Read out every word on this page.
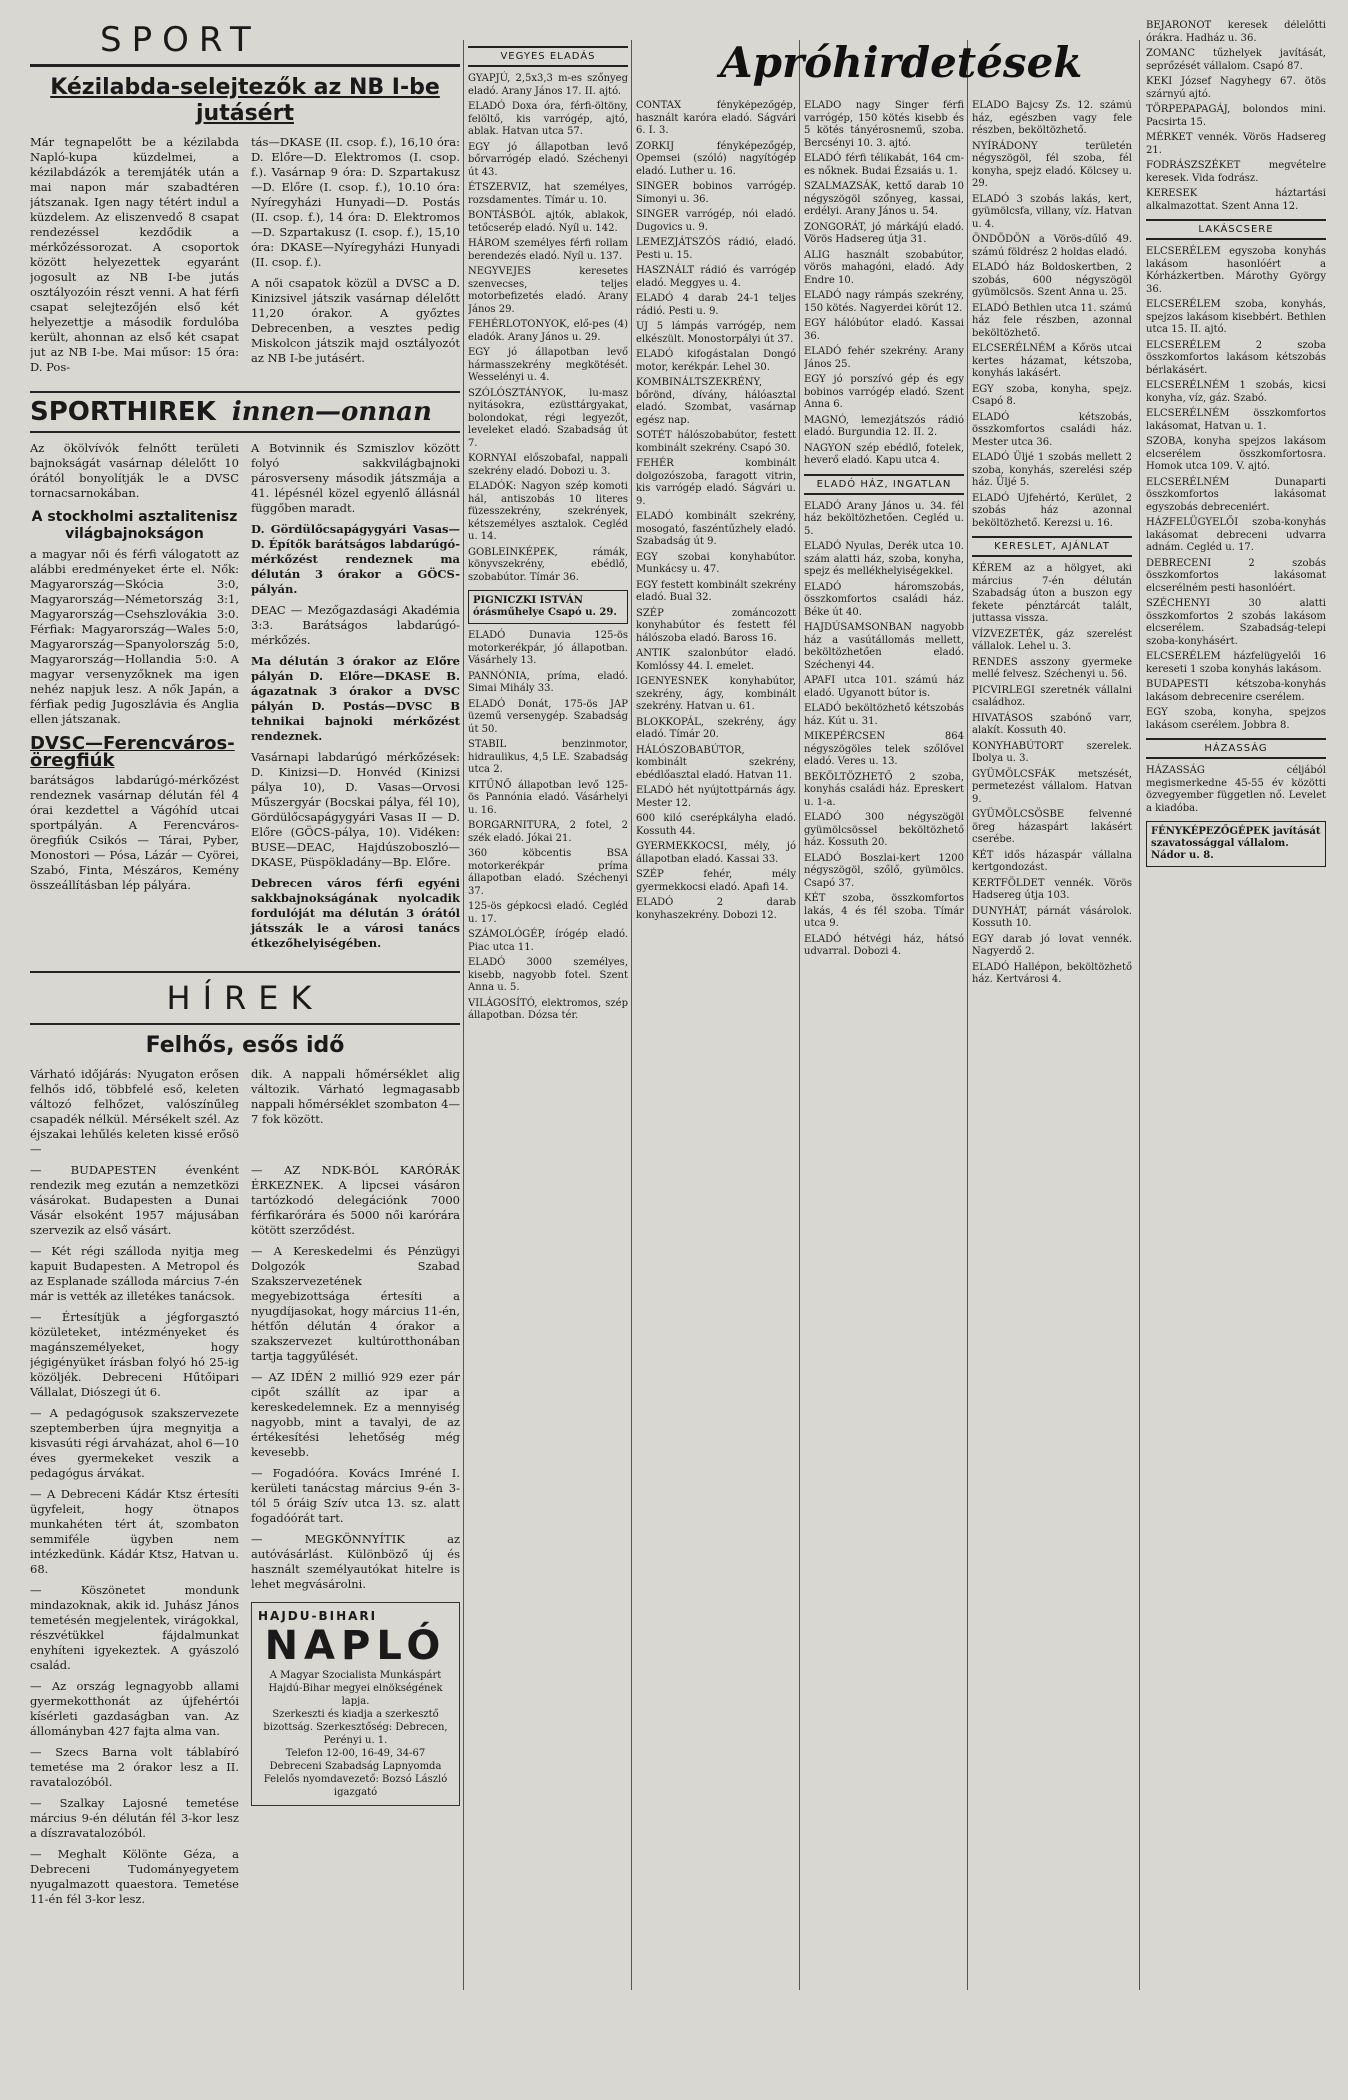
SPORT
Kézilabda-selejtezők az NB I-be jutásért

Már tegnapelőtt be a kézilabda Napló-kupa küzdelmei, a kézilabdázók a teremjáték után a mai napon már szabadtéren játszanak. Igen nagy tétért indul a küzdelem. Az eliszenvedő 8 csapat rendezéssel kezdődik a mérkőzéssorozat. A csoportok között helyezettek egyaránt jogosult az NB I-be jutás osztályozóin részt venni. A hat férfi csapat selejtezőjén első két helyezettje a második fordulóba került, ahonnan az első két csapat jut az NB I-be. Mai műsor: 15 óra: D. Pos-

tás—DKASE (II. csop. f.), 16,10 óra: D. Előre—D. Elektromos (I. csop. f.). Vasárnap 9 óra: D. Szpartakusz—D. Előre (I. csop. f.), 10.10 óra: Nyíregyházi Hunyadi—D. Postás (II. csop. f.), 14 óra: D. Elektromos—D. Szpartakusz (I. csop. f.), 15,10 óra: DKASE—Nyíregyházi Hunyadi (II. csop. f.).

A női csapatok közül a DVSC a D. Kinizsivel játszik vasárnap délelőtt 11,20 órakor. A győztes Debrecenben, a vesztes pedig Miskolcon játszik majd osztályozót az NB I-be jutásért.

SPORTHIREK innen—onnan

Az ökölvívók felnőtt területi bajnokságát vasárnap délelőtt 10 órától bonyolítják le a DVSC tornacsarnokában.

A stockholmi asztalitenisz világbajnokságon

a magyar női és férfi válogatott az alábbi eredményeket érte el. Nők: Magyarország—Skócia 3:0, Magyarország—Németország 3:1, Magyarország—Csehszlovákia 3:0. Férfiak: Magyarország—Wales 5:0, Magyarország—Spanyolország 5:0, Magyarország—Hollandia 5:0. A magyar versenyzőknek ma igen nehéz napjuk lesz. A nők Japán, a férfiak pedig Jugoszlávia és Anglia ellen játszanak.

DVSC—Ferencváros-öregfiúk

barátságos labdarúgó-mérkőzést rendeznek vasárnap délután fél 4 órai kezdettel a Vágóhíd utcai sportpályán. A Ferencváros-öregfiúk Csikós — Tárai, Pyber, Monostori — Pósa, Lázár — Cyörei, Szabó, Finta, Mészáros, Kemény összeállításban lép pályára.

A Botvinnik és Szmiszlov között folyó sakkvilágbajnoki párosverseny második játszmája a 41. lépésnél közel egyenlő állásnál függőben maradt.

D. Gördülőcsapágygyári Vasas—D. Építők barátságos labdarúgó-mérkőzést rendeznek ma délután 3 órakor a GÖCS-pályán.

DEAC — Mezőgazdasági Akadémia 3:3. Barátságos labdarúgó-mérkőzés.

Ma délután 3 órakor az Előre pályán D. Előre—DKASE B. ágazatnak 3 órakor a DVSC pályán D. Postás—DVSC B tehnikai bajnoki mérkőzést rendeznek.

Vasárnapi labdarúgó mérkőzések: D. Kinizsi—D. Honvéd (Kinizsi pálya 10), D. Vasas—Orvosi Műszergyár (Bocskai pálya, fél 10), Gördülőcsapágygyári Vasas II — D. Előre (GÖCS-pálya, 10). Vidéken: BUSE—DEAC, Hajdúszoboszló—DKASE, Püspökladány—Bp. Előre.

Debrecen város férfi egyéni sakkbajnokságának nyolcadik fordulóját ma délután 3 órától játsszák le a városi tanács étkezőhelyiségében.

HÍREK
Felhős, esős idő

Várható időjárás: Nyugaton erősen felhős idő, többfelé eső, keleten változó felhőzet, valószínűleg csapadék nélkül. Mérsékelt szél. Az éjszakai lehűlés keleten kissé erősö—

dik. A nappali hőmérséklet alig változik. Várható legmagasabb nappali hőmérséklet szombaton 4—7 fok között.

— BUDAPESTEN évenként rendezik meg ezután a nemzetközi vásárokat. Budapesten a Dunai Vásár elsoként 1957 májusában szervezik az első vásárt.

— Két régi szálloda nyitja meg kapuit Budapesten. A Metropol és az Esplanade szálloda március 7-én már is vették az illetékes tanácsok.

— Értesítjük a jégforgasztó közületeket, intézményeket és magánszemélyeket, hogy jégigényüket írásban folyó hó 25-ig közöljék. Debreceni Hűtőipari Vállalat, Diószegi út 6.

— A pedagógusok szakszervezete szeptemberben újra megnyitja a kisvasúti régi árvaházat, ahol 6—10 éves gyermekeket veszik a pedagógus árvákat.

— A Debreceni Kádár Ktsz értesíti ügyfeleit, hogy ötnapos munkahéten tért át, szombaton semmiféle ügyben nem intézkedünk. Kádár Ktsz, Hatvan u. 68.

— Köszönetet mondunk mindazoknak, akik id. Juhász János temetésén megjelentek, virágokkal, részvétükkel fájdalmunkat enyhíteni igyekeztek. A gyászoló család.

— Az ország legnagyobb allami gyermekotthonát az újfehértói kísérleti gazdaságban van. Az állományban 427 fajta alma van.

— Szecs Barna volt táblabíró temetése ma 2 órakor lesz a II. ravatalozóból.

— Szalkay Lajosné temetése március 9-én délután fél 3-kor lesz a díszravatalozóból.

— Meghalt Kölönte Géza, a Debreceni Tudományegyetem nyugalmazott quaestora. Temetése 11-én fél 3-kor lesz.

— AZ NDK-BÓL KARÓRÁK ÉRKEZNEK. A lipcsei vásáron tartózkodó delegációnk 7000 férfikarórára és 5000 női karórára kötött szerződést.

— A Kereskedelmi és Pénzügyi Dolgozók Szabad Szakszervezetének megyebizottsága értesíti a nyugdíjasokat, hogy március 11-én, hétfőn délután 4 órakor a szakszervezet kultúrotthonában tartja taggyűlését.

— AZ IDÉN 2 millió 929 ezer pár cipőt szállít az ipar a kereskedelemnek. Ez a mennyiség nagyobb, mint a tavalyi, de az értékesítési lehetőség még kevesebb.

— Fogadóóra. Kovács Imréné I. kerületi tanácstag március 9-én 3-tól 5 óráig Szív utca 13. sz. alatt fogadóórát tart.

— MEGKÖNNYÍTIK az autóvásárlást. Különböző új és használt személyautókat hitelre is lehet megvásárolni.

HAJDU-BIHARI
NAPLÓ
A Magyar Szocialista Munkáspárt Hajdú-Bihar megyei elnökségének lapja.
Szerkeszti és kiadja a szerkesztő bizottság. Szerkesztőség: Debrecen, Perényi u. 1.
Telefon 12-00, 16-49, 34-67
Debreceni Szabadság Lapnyomda
Felelős nyomdavezető: Bozsó László igazgató
Apróhirdetések
VEGYES ELADÁS

GYAPJÚ, 2,5x3,3 m-es szőnyeg eladó. Arany János 17. II. ajtó.

ELADÓ Doxa óra, férfi-öltöny, felöltő, kis varrógép, ajtó, ablak. Hatvan utca 57.

EGY jó állapotban levő bőrvarrógép eladó. Széchenyi út 43.

ÉTSZERVIZ, hat személyes, rozsdamentes. Tímár u. 10.

BONTÁSBÓL ajtók, ablakok, tetőcserép eladó. Nyíl u. 142.

HÁROM személyes férfi rollam berendezés eladó. Nyíl u. 137.

NEGYVEJES keresetes szenvecses, teljes motorbefizetés eladó. Arany János 29.

FEHÉRLOTONYOK, elő-pes (4) eladók. Arany János u. 29.

EGY jó állapotban levő hármasszekrény megkötését. Wesselényi u. 4.

SZÓLÓSZTÁNYOK, lu-masz nyitásokra, ezüsttárgyakat, bolondokat, régi legyezőt, leveleket eladó. Szabadság út 7.

KORNYAI előszobafal, nappali szekrény eladó. Dobozi u. 3.

ELADÓK: Nagyon szép komoti hál, antiszobás 10 literes füzesszekrény, szekrények, kétszemélyes asztalok. Cegléd u. 14.

GOBLEINKÉPEK, rámák, könyvszekrény, ebédlő, szobabútor. Tímár 36.

PIGNICZKI ISTVÁN órásműhelye Csapó u. 29.

ELADÓ Dunavia 125-ös motorkerékpár, jó állapotban. Vásárhely 13.

PANNÓNIA, príma, eladó. Simai Mihály 33.

ELADÓ Donát, 175-ös JAP üzemű versenygép. Szabadság út 50.

STABIL benzinmotor, hidraulikus, 4,5 LE. Szabadság utca 2.

KITŰNŐ állapotban levő 125-ös Pannónia eladó. Vásárhelyi u. 16.

BORGARNITURA, 2 fotel, 2 szék eladó. Jókai 21.

360 köbcentis BSA motorkerékpár príma állapotban eladó. Széchenyi 37.

125-ös gépkocsi eladó. Cegléd u. 17.

SZÁMOLÓGÉP, írógép eladó. Piac utca 11.

ELADÓ 3000 személyes, kisebb, nagyobb fotel. Szent Anna u. 5.

VILÁGOSÍTÓ, elektromos, szép állapotban. Dózsa tér.

CONTAX fényképezőgép, használt karóra eladó. Ságvári 6. I. 3.

ZORKIJ fényképezőgép, Opemsei (szóló) nagyítógép eladó. Luther u. 16.

SINGER bobinos varrógép. Simonyi u. 36.

SINGER varrógép, nói eladó. Dugovics u. 9.

LEMEZJÁTSZÓS rádió, eladó. Pesti u. 15.

HASZNÁLT rádió és varrógép eladó. Meggyes u. 4.

ELADÓ 4 darab 24-1 teljes rádió. Pesti u. 9.

UJ 5 lámpás varrógép, nem elkészült. Monostorpályi út 37.

ELADÓ kifogástalan Dongó motor, kerékpár. Lehel 30.

KOMBINÁLTSZEKRÉNY, bőrönd, dívány, hálóasztal eladó. Szombat, vasárnap egész nap.

SOTÉT hálószobabútor, festett kombinált szekrény. Csapó 30.

FEHÉR kombinált dolgozószoba, faragott vitrin, kis varrógép eladó. Ságvári u. 9.

ELADÓ kombinált szekrény, mosogató, faszéntűzhely eladó. Szabadság út 9.

EGY szobai konyhabútor. Munkácsy u. 47.

EGY festett kombinált szekrény eladó. Bual 32.

SZÉP zománcozott konyhabútor és festett fél hálószoba eladó. Baross 16.

ANTIK szalonbútor eladó. Komlóssy 44. I. emelet.

IGENYESNEK konyhabútor, szekrény, ágy, kombinált szekrény. Hatvan u. 61.

BLOKKOPÁL, szekrény, ágy eladó. Tímár 20.

HÁLÓSZOBABÚTOR, kombinált szekrény, ebédlőasztal eladó. Hatvan 11.

ELADÓ hét nyújtottpárnás ágy. Mester 12.

600 kiló cserépkályha eladó. Kossuth 44.

GYERMEKKOCSI, mély, jó állapotban eladó. Kassai 33.

SZÉP fehér, mély gyermekkocsi eladó. Apafi 14.

ELADÓ 2 darab konyhaszekrény. Dobozi 12.

ELADÓ nagy Singer férfi varrógép, 150 kötés kisebb és 5 kötés tányérosnemű, szoba. Bercsényi 10. 3. ajtó.

ELADÓ férfi télikabát, 164 cm-es nőknek. Budai Ézsaiás u. 1.

SZALMAZSÁK, kettő darab 10 négyszögöl szőnyeg, kassai, erdélyi. Arany János u. 54.

ZONGORÁT, jó márkájú eladó. Vörös Hadsereg útja 31.

ALIG használt szobabútor, vörös mahagóni, eladó. Ady Endre 10.

ELADÓ nagy rámpás szekrény, 150 kötés. Nagyerdei körút 12.

EGY hálóbútor eladó. Kassai 36.

ELADÓ fehér szekrény. Arany János 25.

EGY jó porszívó gép és egy bobinos varrógép eladó. Szent Anna 6.

MAGNÓ, lemezjátszós rádió eladó. Burgundia 12. II. 2.

NAGYON szép ebédlő, fotelek, heverő eladó. Kapu utca 4.

ELADÓ HÁZ, INGATLAN

ELADÓ Arany János u. 34. fél ház beköltözhetően. Cegléd u. 5.

ELADÓ Nyulas, Derék utca 10. szám alatti ház, szoba, konyha, spejz és mellékhelyiségekkel.

ELADÓ háromszobás, összkomfortos családi ház. Béke út 40.

HAJDÚSAMSONBAN nagyobb ház a vasútállomás mellett, beköltözhetően eladó. Széchenyi 44.

APAFI utca 101. számú ház eladó. Ugyanott bútor is.

ELADÓ beköltözhető kétszobás ház. Kút u. 31.

MIKEPÉRCSEN 864 négyszögöles telek szőlővel eladó. Veres u. 13.

BEKÖLTÖZHETŐ 2 szoba, konyhás családi ház. Epreskert u. 1-a.

ELADÓ 300 négyszögöl gyümölcsössel beköltözhető ház. Kossuth 20.

ELADÓ Boszlai-kert 1200 négyszögöl, szőlő, gyümölcs. Csapó 37.

KÉT szoba, összkomfortos lakás, 4 és fél szoba. Tímár utca 9.

ELADÓ hétvégi ház, hátsó udvarral. Dobozi 4.

ELADÓ Bajcsy Zs. 12. számú ház, egészben vagy fele részben, beköltözhető.

NYÍRÁDONY területén négyszögöl, fél szoba, fél konyha, spejz eladó. Kölcsey u. 29.

ELADÓ 3 szobás lakás, kert, gyümölcsfa, villany, víz. Hatvan u. 4.

ÖNDÖDÖN a Vörös-dűlő 49. számú földrész 2 holdas eladó.

ELADÓ ház Boldoskertben, 2 szobás, 600 négyszögöl gyümölcsös. Szent Anna u. 25.

ELADÓ Bethlen utca 11. számú ház fele részben, azonnal beköltözhető.

ELCSERÉLNÉM a Kőrös utcai kertes házamat, kétszoba, konyhás lakásért.

EGY szoba, konyha, spejz. Csapó 8.

ELADÓ kétszobás, összkomfortos családi ház. Mester utca 36.

ELADÓ Üljé 1 szobás mellett 2 szoba, konyhás, szerelési szép ház. Üljé 5.

ELADÓ Ujfehértó, Kerület, 2 szobás ház azonnal beköltözhető. Kerezsi u. 16.

KERESLET, AJÁNLAT

KÉREM az a hölgyet, aki március 7-én délután Szabadság úton a buszon egy fekete pénztárcát talált, juttassa vissza.

VÍZVEZETÉK, gáz szerelést vállalok. Lehel u. 3.

RENDES asszony gyermeke mellé felvesz. Széchenyi u. 56.

PICVIRLEGI szeretnék vállalni családhoz.

HIVATÁSOS szabónő varr, alakít. Kossuth 40.

KONYHABÚTORT szerelek. Ibolya u. 3.

GYÜMÖLCSFÁK metszését, permetezést vállalom. Hatvan 9.

GYÜMÖLCSÖSBE felvenné öreg házaspárt lakásért cserébe.

KÉT idős házaspár vállalna kertgondozást.

KERTFÖLDET vennék. Vörös Hadsereg útja 103.

DUNYHÁT, párnát vásárolok. Kossuth 10.

EGY darab jó lovat vennék. Nagyerdő 2.

ELADÓ Hallépon, beköltözhető ház. Kertvárosi 4.

BEJÁRÓNŐT keresek délelőtti órákra. Hadház u. 36.

ZOMANC tűzhelyek javítását, seprőzését vállalom. Csapó 87.

KEKI József Nagyhegy 67. ötös szárnyú ajtó.

TÖRPEPAPAGÁJ, bolondos mini. Pacsirta 15.

MÉRKET vennék. Vörös Hadsereg 21.

FODRÁSZSZÉKET megvételre keresek. Vida fodrász.

KERESEK háztartási alkalmazottat. Szent Anna 12.

LAKÁSCSERE

ELCSERÉLEM egyszoba konyhás lakásom hasonlóért a Kórházkertben. Márothy György 36.

ELCSERÉLEM szoba, konyhás, spejzos lakásom kisebbért. Bethlen utca 15. II. ajtó.

ELCSERÉLEM 2 szoba összkomfortos lakásom kétszobás bérlakásért.

ELCSERÉLNÉM 1 szobás, kicsi konyha, víz, gáz. Szabó.

ELCSERÉLNÉM összkomfortos lakásomat, Hatvan u. 1.

SZOBA, konyha spejzos lakásom elcserélem összkomfortosra. Homok utca 109. V. ajtó.

ELCSERÉLNÉM Dunaparti összkomfortos lakásomat egyszobás debreceniért.

HÁZFELÜGYELŐI szoba-konyhás lakásomat debreceni udvarra adnám. Cegléd u. 17.

DEBRECENI 2 szobás összkomfortos lakásomat elcserélném pesti hasonlóért.

SZÉCHENYI 30 alatti összkomfortos 2 szobás lakásom elcserélem. Szabadság-telepi szoba-konyhásért.

ELCSERÉLEM házfelügyelői 16 kereseti 1 szoba konyhás lakásom.

BUDAPESTI kétszoba-konyhás lakásom debrecenire cserélem.

EGY szoba, konyha, spejzos lakásom cserélem. Jobbra 8.

HÁZASSÁG

HÁZASSÁG céljából megismerkedne 45-55 év közötti özvegyember független nő. Levelet a kiadóba.

FÉNYKÉPEZŐGÉPEK javítását szavatossággal vállalom. Nádor u. 8.
